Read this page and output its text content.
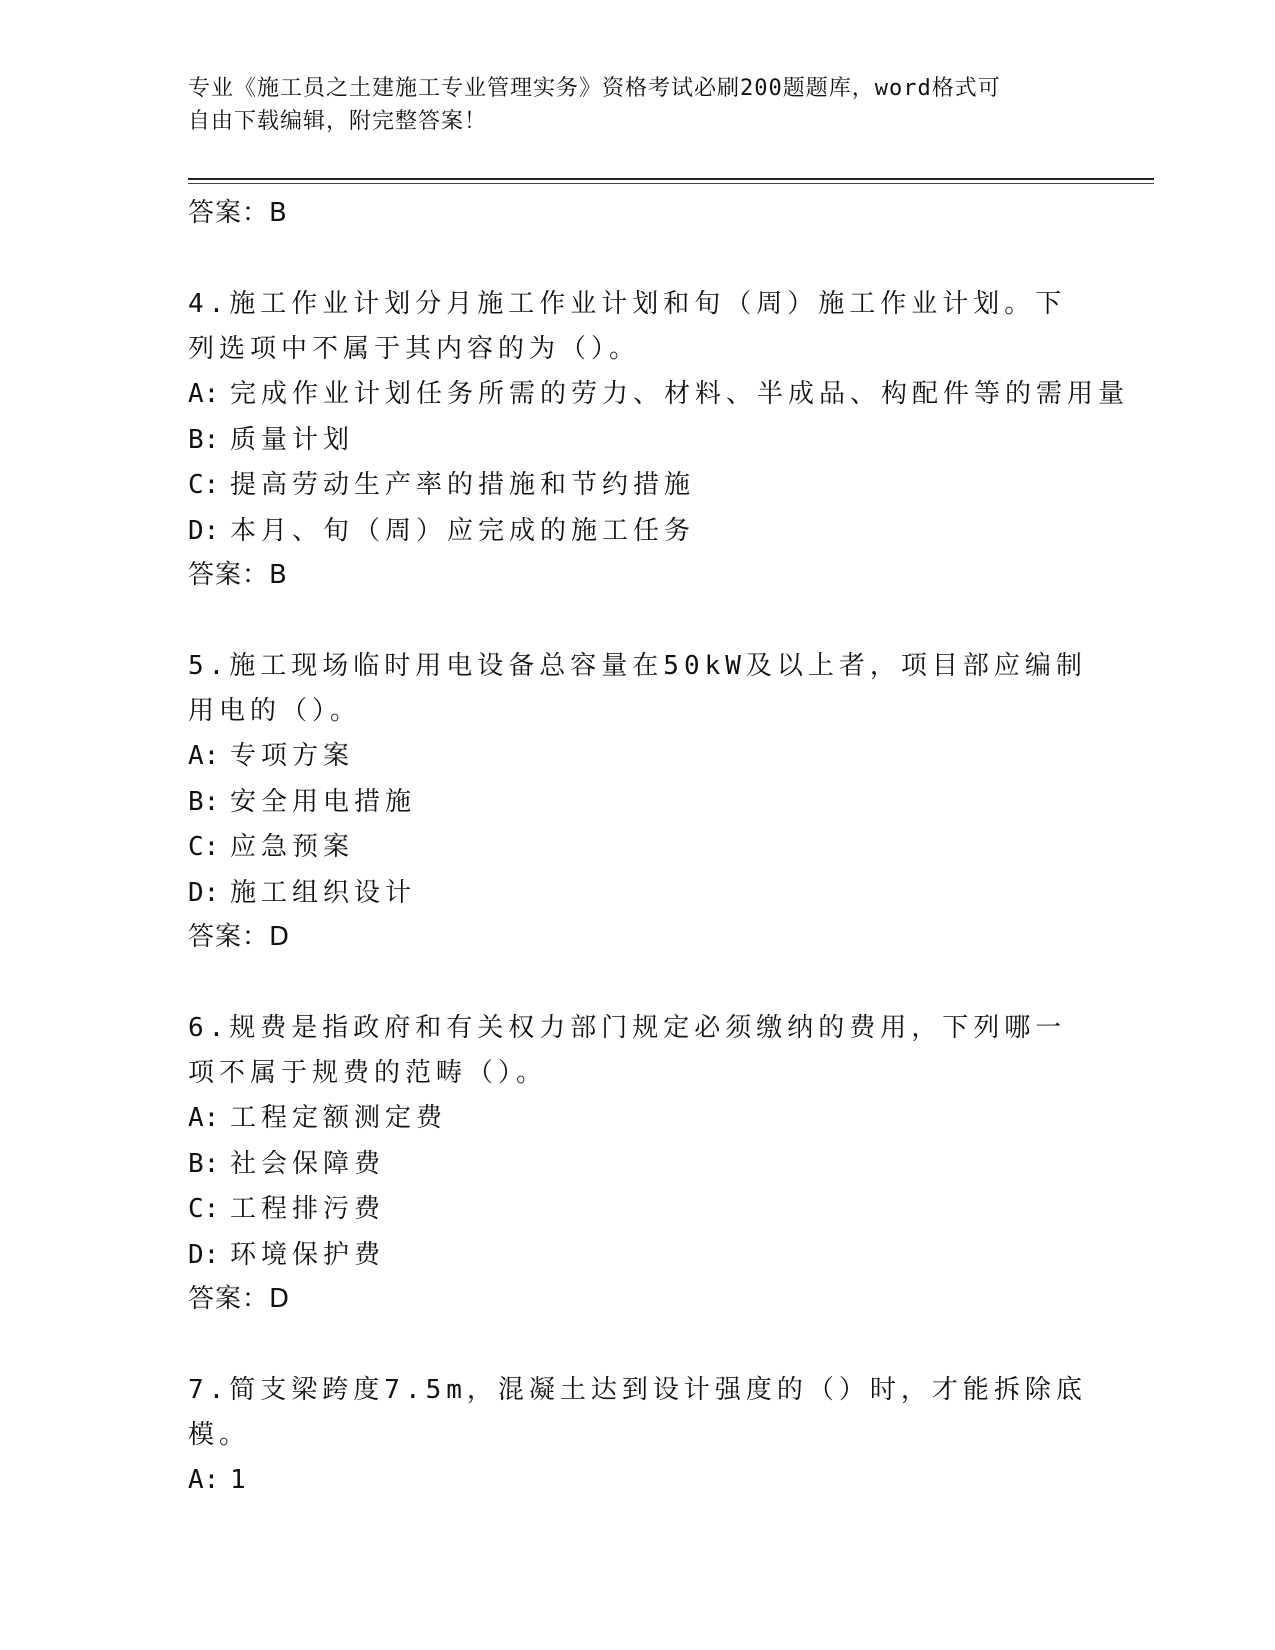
专业《施工员之土建施工专业管理实务》资格考试必刷200题题库，word格式可
自由下载编辑，附完整答案！
答案：B
4.施工作业计划分月施工作业计划和旬（周）施工作业计划。下列选项中不属于其内容的为（）。
A: 完成作业计划任务所需的劳力、材料、半成品、构配件等的需用量
B: 质量计划
C: 提高劳动生产率的措施和节约措施
D: 本月、旬（周）应完成的施工任务
答案：B
5.施工现场临时用电设备总容量在50kW及以上者，项目部应编制用电的（）。
A: 专项方案
B: 安全用电措施
C: 应急预案
D: 施工组织设计
答案：D
6.规费是指政府和有关权力部门规定必须缴纳的费用，下列哪一项不属于规费的范畴（）。
A: 工程定额测定费
B: 社会保障费
C: 工程排污费
D: 环境保护费
答案：D
7.简支梁跨度7.5m，混凝土达到设计强度的（）时，才能拆除底模。
A: 1
